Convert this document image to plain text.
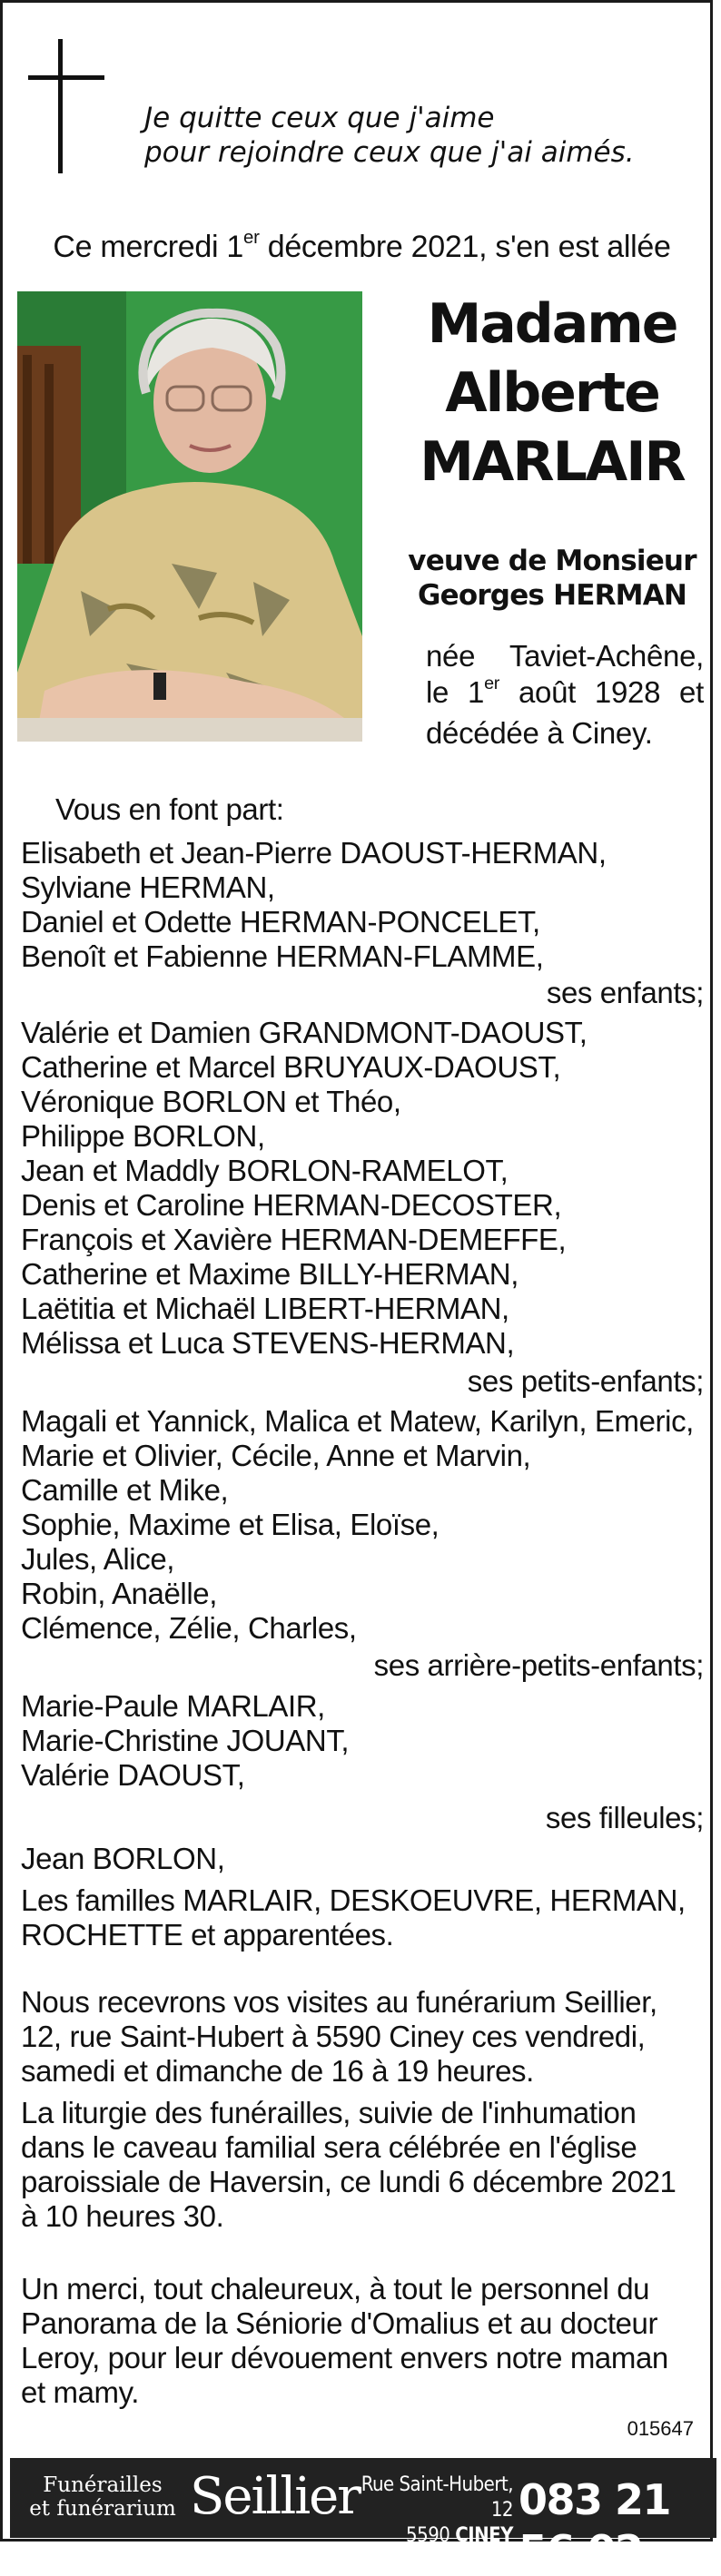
Je quitte ceux que j'aime
pour rejoindre ceux que j'ai aimés.
Ce mercredi 1er décembre 2021, s'en est allée
Madame
Alberte
MARLAIR
veuve de Monsieur
Georges HERMAN
née Taviet-Achêne, le 1er août 1928 et décédée à Ciney.
Vous en font part:
Elisabeth et Jean-Pierre DAOUST-HERMAN,
Sylviane HERMAN,
Daniel et Odette HERMAN-PONCELET,
Benoît et Fabienne HERMAN-FLAMME,
ses enfants;
Valérie et Damien GRANDMONT-DAOUST,
Catherine et Marcel BRUYAUX-DAOUST,
Véronique BORLON et Théo,
Philippe BORLON,
Jean et Maddly BORLON-RAMELOT,
Denis et Caroline HERMAN-DECOSTER,
François et Xavière HERMAN-DEMEFFE,
Catherine et Maxime BILLY-HERMAN,
Laëtitia et Michaël LIBERT-HERMAN,
Mélissa et Luca STEVENS-HERMAN,
ses petits-enfants;
Magali et Yannick, Malica et Matew, Karilyn, Emeric,
Marie et Olivier, Cécile, Anne et Marvin,
Camille et Mike,
Sophie, Maxime et Elisa, Eloïse,
Jules, Alice,
Robin, Anaëlle,
Clémence, Zélie, Charles,
ses arrière-petits-enfants;
Marie-Paule MARLAIR,
Marie-Christine JOUANT,
Valérie DAOUST,
ses filleules;
Jean BORLON,
Les familles MARLAIR, DESKOEUVRE, HERMAN,
ROCHETTE et apparentées.
Nous recevrons vos visites au funérarium Seillier,
12, rue Saint-Hubert à 5590 Ciney ces vendredi,
samedi et dimanche de 16 à 19 heures.
La liturgie des funérailles, suivie de l'inhumation
dans le caveau familial sera célébrée en l'église
paroissiale de Haversin, ce lundi 6 décembre 2021
à 10 heures 30.
Un merci, tout chaleureux, à tout le personnel du
Panorama de la Séniorie d'Omalius et au docteur
Leroy, pour leur dévouement envers notre maman
et mamy.
015647
Funérailles
et funérarium Seillier Rue Saint-Hubert, 12
5590 CINEY
083 21 56 02
